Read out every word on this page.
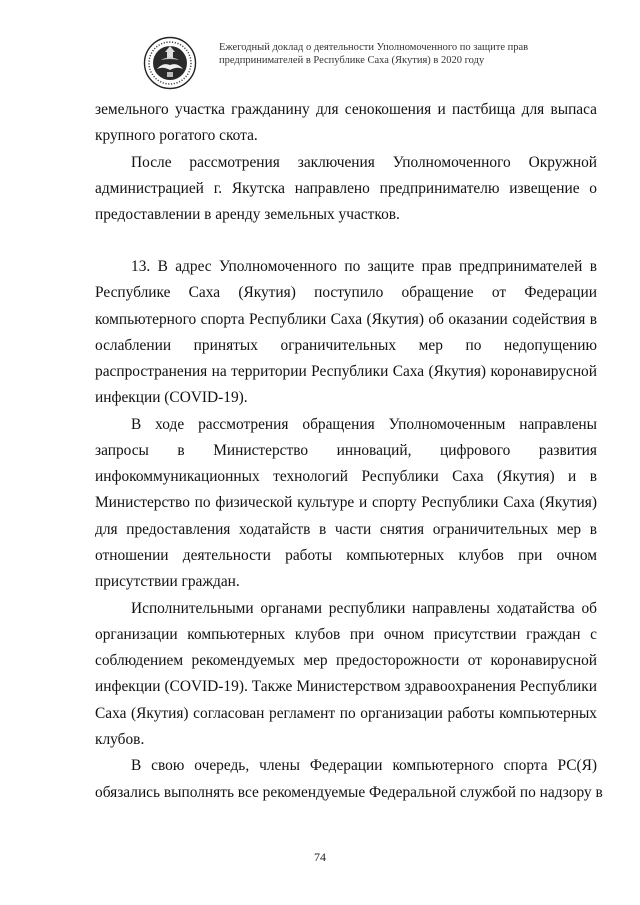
Ежегодный доклад о деятельности Уполномоченного по защите прав
предпринимателей в Республике Саха (Якутия) в 2020 году
земельного участка гражданину для сенокошения и пастбища для выпаса
крупного рогатого скота.
После рассмотрения заключения Уполномоченного Окружной
администрацией г. Якутска направлено предпринимателю извещение о
предоставлении в аренду земельных участков.
13. В адрес Уполномоченного по защите прав предпринимателей в
Республике Саха (Якутия) поступило обращение от Федерации
компьютерного спорта Республики Саха (Якутия) об оказании содействия в
ослаблении принятых ограничительных мер по недопущению
распространения на территории Республики Саха (Якутия) коронавирусной
инфекции (COVID-19).
В ходе рассмотрения обращения Уполномоченным направлены
запросы в Министерство инноваций, цифрового развития
инфокоммуникационных технологий Республики Саха (Якутия) и в
Министерство по физической культуре и спорту Республики Саха (Якутия)
для предоставления ходатайств в части снятия ограничительных мер в
отношении деятельности работы компьютерных клубов при очном
присутствии граждан.
Исполнительными органами республики направлены ходатайства об
организации компьютерных клубов при очном присутствии граждан с
соблюдением рекомендуемых мер предосторожности от коронавирусной
инфекции (COVID-19). Также Министерством здравоохранения Республики
Саха (Якутия) согласован регламент по организации работы компьютерных
клубов.
В свою очередь, члены Федерации компьютерного спорта РС(Я)
обязались выполнять все рекомендуемые Федеральной службой по надзору в
74
